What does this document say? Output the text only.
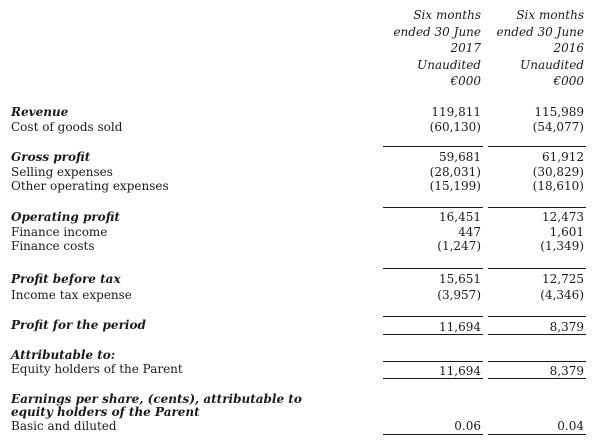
Six months
ended 30 June
2017
Unaudited
€000
Six months
ended 30 June
2016
Unaudited
€000
Revenue	119,811	115,989
Cost of goods sold	(60,130)	(54,077)
Gross profit	59,681	61,912
Selling expenses	(28,031)	(30,829)
Other operating expenses	(15,199)	(18,610)
Operating profit	16,451	12,473
Finance income	447	1,601
Finance costs	(1,247)	(1,349)
Profit before tax	15,651	12,725
Income tax expense	(3,957)	(4,346)
Profit for the period	11,694	8,379
Attributable to:
Equity holders of the Parent	11,694	8,379
Earnings per share, (cents), attributable to
equity holders of the Parent
Basic and diluted	0.06	0.04
